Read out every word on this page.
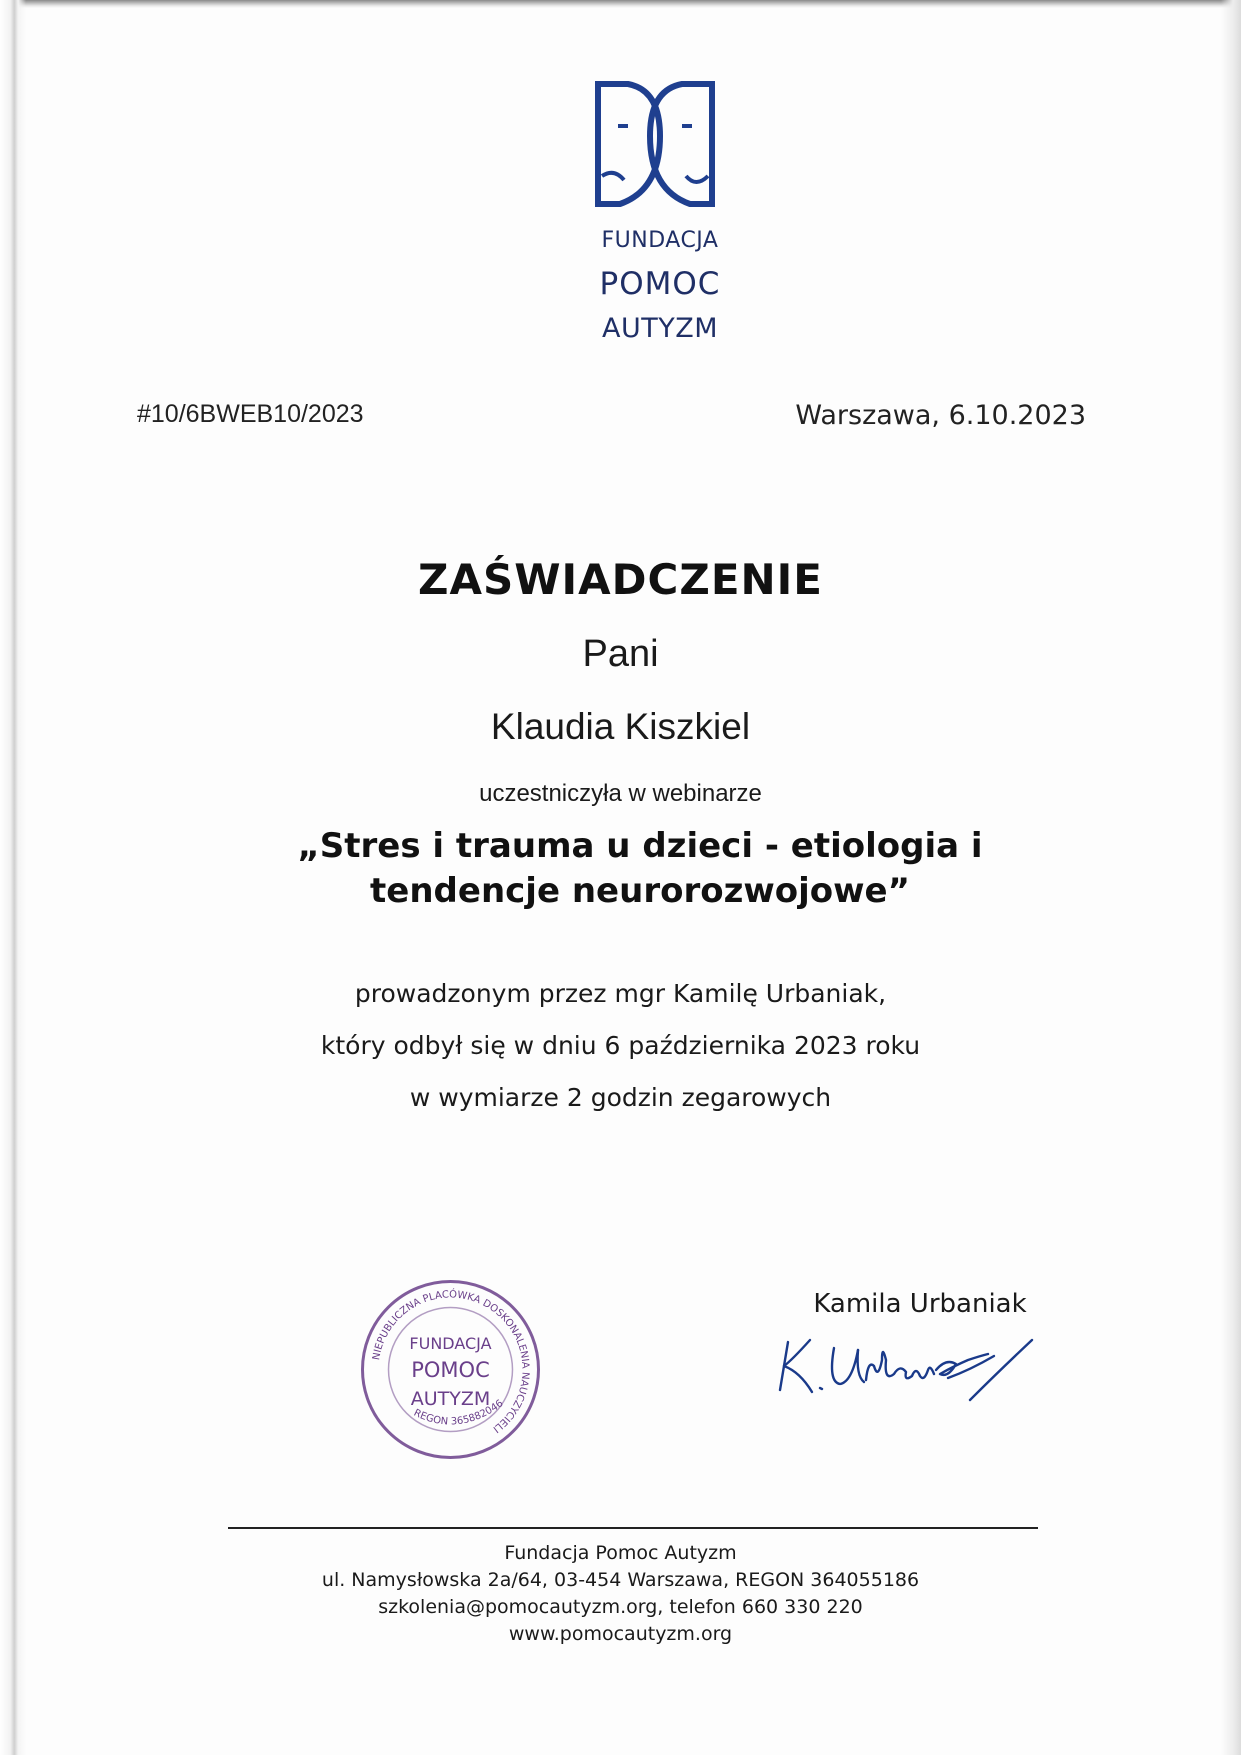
FUNDACJA
POMOC
AUTYZM
#10/6BWEB10/2023	Warszawa, 6.10.2023
ZAŚWIADCZENIE
Pani
Klaudia Kiszkiel
uczestniczyła w webinarze
„Stres i trauma u dzieci - etiologia i tendencje neurorozwojowe”
prowadzonym przez mgr Kamilę Urbaniak,
który odbył się w dniu 6 października 2023 roku
w wymiarze 2 godzin zegarowych
NIEPUBLICZNA PLACÓWKA DOSKONALENIA NAUCZYCIELI
REGON 365882046
FUNDACJA
POMOC
AUTYZM
Kamila Urbaniak
Fundacja Pomoc Autyzm
ul. Namysłowska 2a/64, 03-454 Warszawa, REGON 364055186
szkolenia@pomocautyzm.org, telefon 660 330 220
www.pomocautyzm.org
